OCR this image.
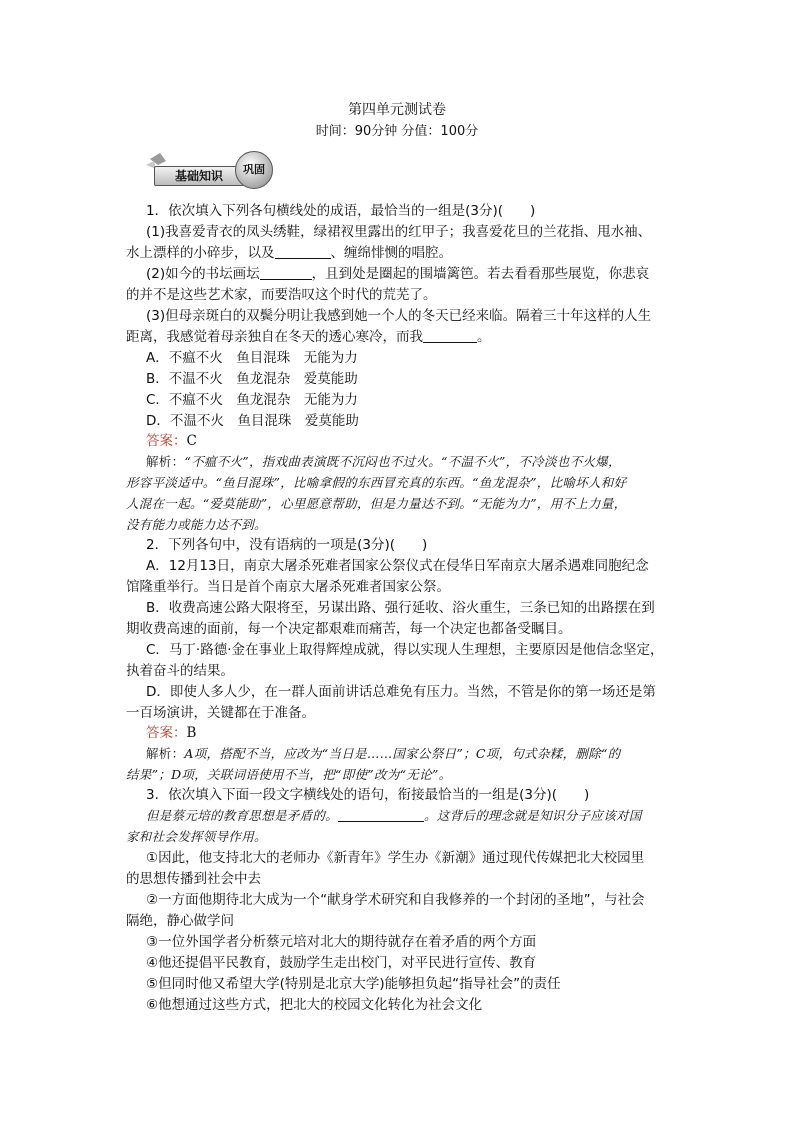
第四单元测试卷
时间：90分钟 分值：100分
基础知识	巩固
1．依次填入下列各句横线处的成语，最恰当的一组是(3分)(　　)
(1)我喜爱青衣的凤头绣鞋，绿裙衩里露出的红甲子；我喜爱花旦的兰花指、甩水袖、
水上漂样的小碎步，以及	、缠绵悱恻的唱腔。
(2)如今的书坛画坛	，且到处是圈起的围墙篱笆。若去看看那些展览，你悲哀
的并不是这些艺术家，而要浩叹这个时代的荒芜了。
(3)但母亲斑白的双鬓分明让我感到她一个人的冬天已经来临。隔着三十年这样的人生
距离，我感觉着母亲独自在冬天的透心寒冷，而我	。
A．不瘟不火　鱼目混珠　无能为力
B．不温不火　鱼龙混杂　爱莫能助
C．不瘟不火　鱼龙混杂　无能为力
D．不温不火　鱼目混珠　爱莫能助
答案：C
解析：“不瘟不火”，指戏曲表演既不沉闷也不过火。“不温不火”，不冷淡也不火爆，
形容平淡适中。“鱼目混珠”，比喻拿假的东西冒充真的东西。“鱼龙混杂”，比喻坏人和好
人混在一起。“爱莫能助”，心里愿意帮助，但是力量达不到。“无能为力”，用不上力量，
没有能力或能力达不到。
2．下列各句中，没有语病的一项是(3分)(　　)
A．12月13日，南京大屠杀死难者国家公祭仪式在侵华日军南京大屠杀遇难同胞纪念
馆隆重举行。当日是首个南京大屠杀死难者国家公祭。
B．收费高速公路大限将至，另谋出路、强行延收、浴火重生，三条已知的出路摆在到
期收费高速的面前，每一个决定都艰难而痛苦，每一个决定也都备受瞩目。
C．马丁·路德·金在事业上取得辉煌成就，得以实现人生理想，主要原因是他信念坚定，
执着奋斗的结果。
D．即使人多人少，在一群人面前讲话总难免有压力。当然，不管是你的第一场还是第
一百场演讲，关键都在于准备。
答案：B
解析：A项，搭配不当，应改为“当日是……国家公祭日”；C项，句式杂糅，删除“的
结果”；D项，关联词语使用不当，把“即使”改为“无论”。
3．依次填入下面一段文字横线处的语句，衔接最恰当的一组是(3分)(　　)
但是蔡元培的教育思想是矛盾的。	。这背后的理念就是知识分子应该对国
家和社会发挥领导作用。
①因此，他支持北大的老师办《新青年》学生办《新潮》通过现代传媒把北大校园里
的思想传播到社会中去
②一方面他期待北大成为一个“献身学术研究和自我修养的一个封闭的圣地”，与社会
隔绝，静心做学问
③一位外国学者分析蔡元培对北大的期待就存在着矛盾的两个方面
④他还提倡平民教育，鼓励学生走出校门，对平民进行宣传、教育
⑤但同时他又希望大学(特别是北京大学)能够担负起“指导社会”的责任
⑥他想通过这些方式，把北大的校园文化转化为社会文化
